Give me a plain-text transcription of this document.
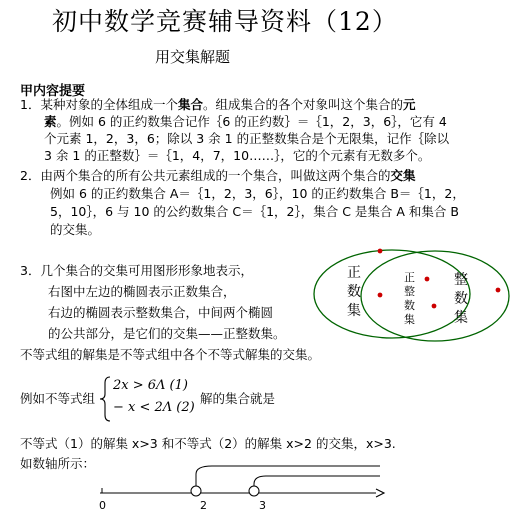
初中数学竞赛辅导资料（12）
用交集解题
甲内容提要
1．某种对象的全体组成一个集合。组成集合的各个对象叫这个集合的元
素。例如 6 的正约数集合记作｛6 的正约数｝＝｛1，2，3，6｝，它有 4
个元素 1，2，3，6；除以 3 余 1 的正整数集合是个无限集，记作｛除以
3 余 1 的正整数｝＝｛1，4，7，10……｝，它的个元素有无数多个。
2．由两个集合的所有公共元素组成的一个集合，叫做这两个集合的交集
例如 6 的正约数集合 A＝｛1，2，3，6｝，10 的正约数集合 B＝｛1，2，
5，10｝，6 与 10 的公约数集合 C＝｛1，2｝，集合 C 是集合 A 和集合 B
的交集。
3．几个集合的交集可用图形形象地表示，
右图中左边的椭圆表示正数集合，
右边的椭圆表示整数集合，中间两个椭圆
的公共部分，是它们的交集——正整数集。
正
数
集
整
数
集
正
整
数
集
不等式组的解集是不等式组中各个不等式解集的交集。
例如不等式组
2x > 6Λ (1)
− x < 2Λ (2)
解的集合就是
不等式（1）的解集 x>3 和不等式（2）的解集 x>2 的交集，x>3.
如数轴所示：
0	2	3
